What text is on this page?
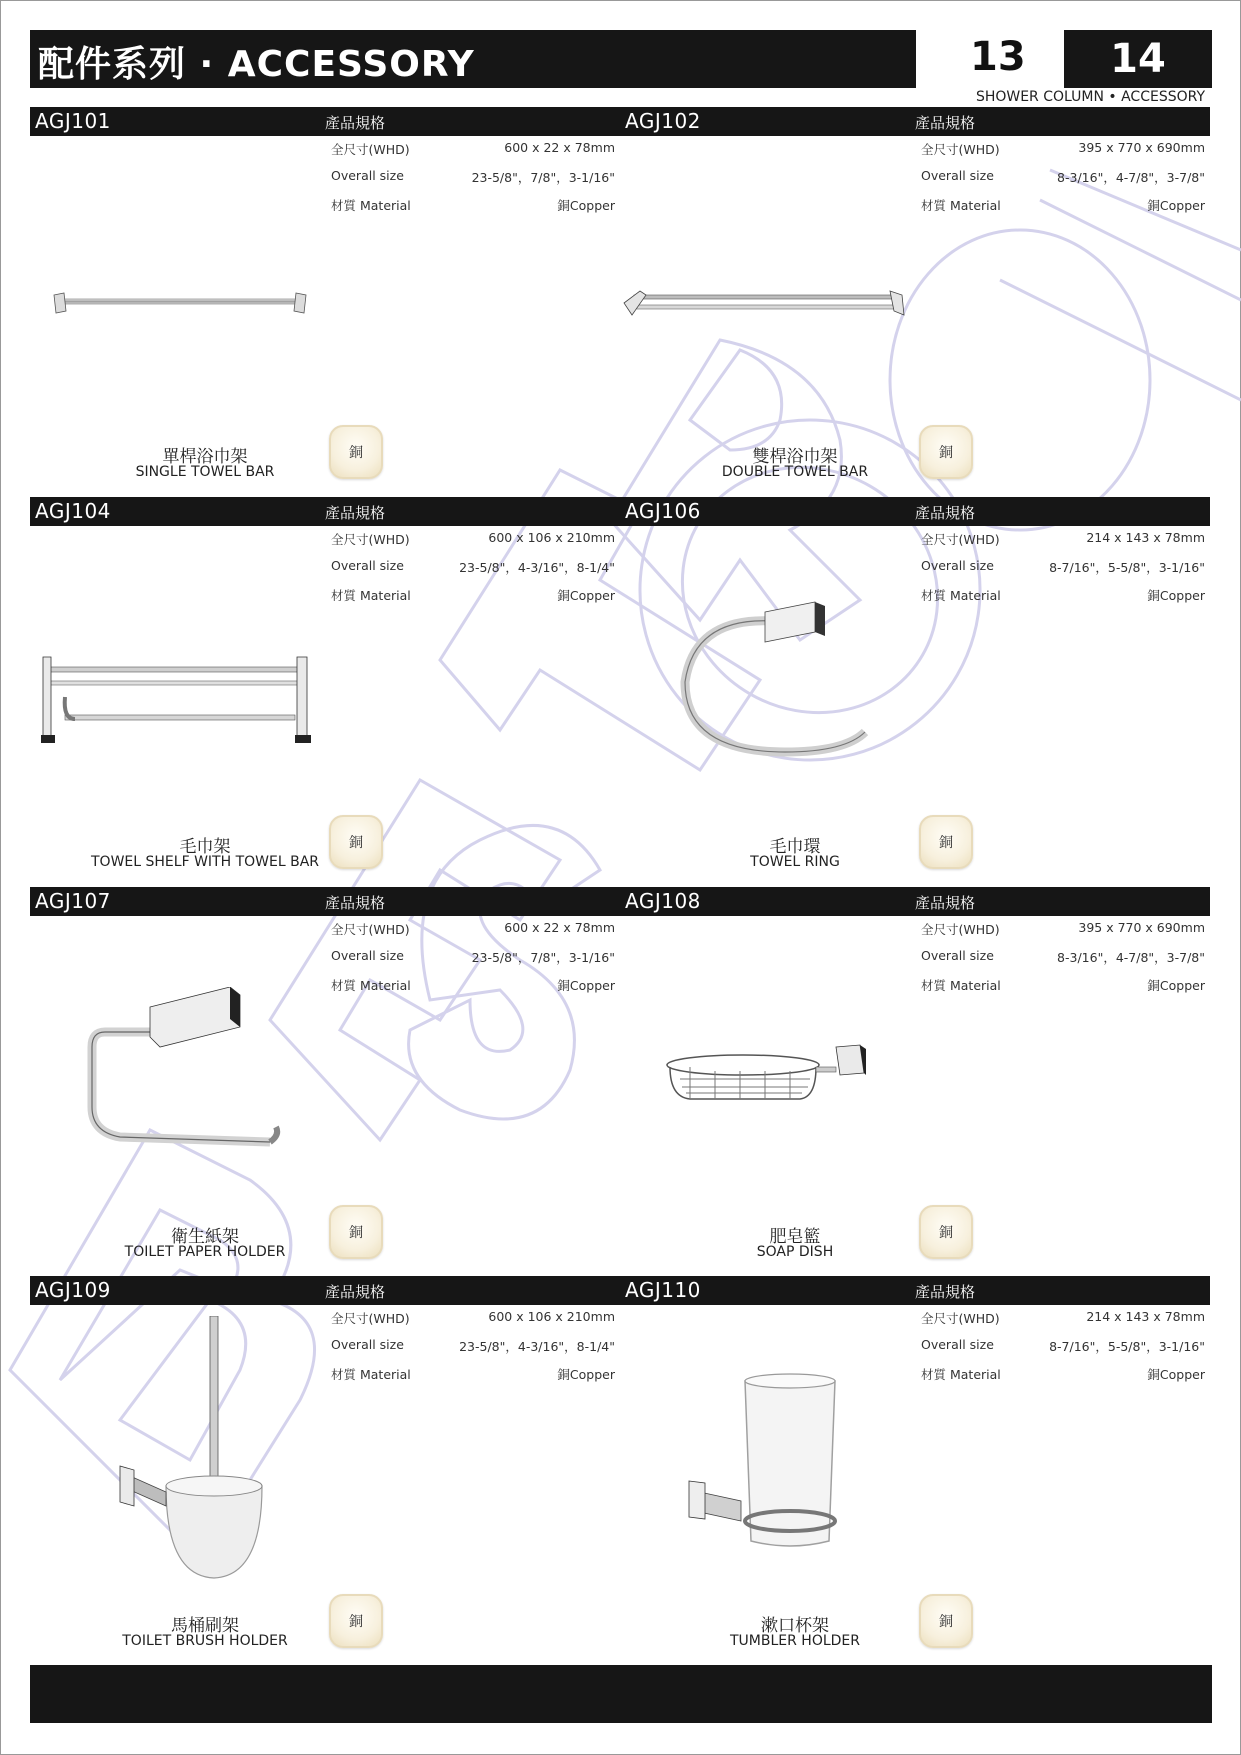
配件系列 · ACCESSORY	13	14
SHOWER COLUMN • ACCESSORY
AGJ101	產品規格
全尺寸(WHD)	600 x 22 x 78mm
Overall size	23-5/8"，7/8"，3-1/16"
材質 Material	銅Copper
單桿浴巾架
SINGLE TOWEL BAR
銅
AGJ102	產品規格
全尺寸(WHD)	395 x 770 x 690mm
Overall size	8-3/16"，4-7/8"，3-7/8"
材質 Material	銅Copper
雙桿浴巾架
DOUBLE TOWEL BAR
銅
AGJ104	產品規格
全尺寸(WHD)	600 x 106 x 210mm
Overall size	23-5/8"，4-3/16"，8-1/4"
材質 Material	銅Copper
毛巾架
TOWEL SHELF WITH TOWEL BAR
銅
AGJ106	產品規格
全尺寸(WHD)	214 x 143 x 78mm
Overall size	8-7/16"，5-5/8"，3-1/16"
材質 Material	銅Copper
毛巾環
TOWEL RING
銅
AGJ107	產品規格
全尺寸(WHD)	600 x 22 x 78mm
Overall size	23-5/8"，7/8"，3-1/16"
材質 Material	銅Copper
衛生紙架
TOILET PAPER HOLDER
銅
AGJ108	產品規格
全尺寸(WHD)	395 x 770 x 690mm
Overall size	8-3/16"，4-7/8"，3-7/8"
材質 Material	銅Copper
肥皂籃
SOAP DISH
銅
AGJ109	產品規格
全尺寸(WHD)	600 x 106 x 210mm
Overall size	23-5/8"，4-3/16"，8-1/4"
材質 Material	銅Copper
馬桶刷架
TOILET BRUSH HOLDER
銅
AGJ110	產品規格
全尺寸(WHD)	214 x 143 x 78mm
Overall size	8-7/16"，5-5/8"，3-1/16"
材質 Material	銅Copper
漱口杯架
TUMBLER HOLDER
銅
